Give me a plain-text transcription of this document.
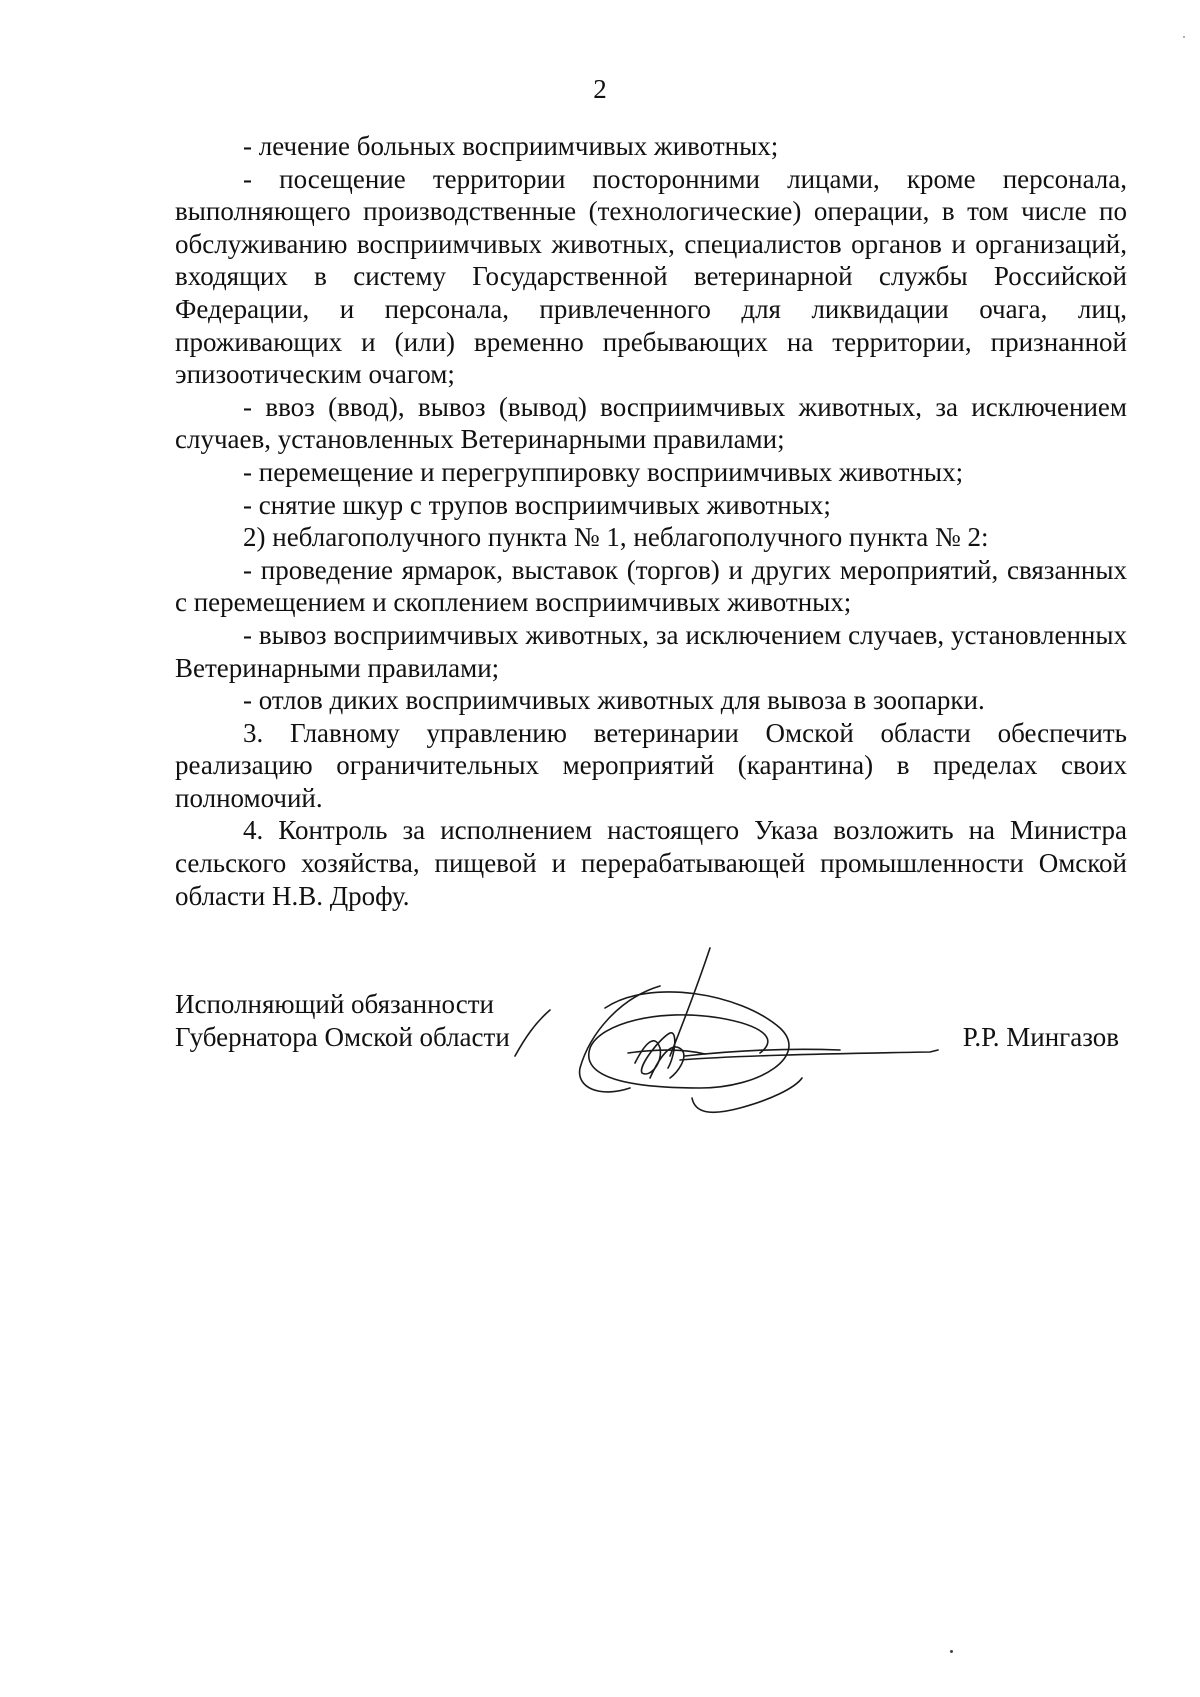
2

- лечение больных восприимчивых животных;

- посещение территории посторонними лицами, кроме персонала, выполняющего производственные (технологические) операции, в том числе по обслуживанию восприимчивых животных, специалистов органов и организаций, входящих в систему Государственной ветеринарной службы Российской Федерации, и персонала, привлеченного для ликвидации очага, лиц, проживающих и (или) временно пребывающих на территории, признанной эпизоотическим очагом;

- ввоз (ввод), вывоз (вывод) восприимчивых животных, за исключением случаев, установленных Ветеринарными правилами;

- перемещение и перегруппировку восприимчивых животных;

- снятие шкур с трупов восприимчивых животных;

2) неблагополучного пункта № 1, неблагополучного пункта № 2:

- проведение ярмарок, выставок (торгов) и других мероприятий, связанных с перемещением и скоплением восприимчивых животных;

- вывоз восприимчивых животных, за исключением случаев, установленных Ветеринарными правилами;

- отлов диких восприимчивых животных для вывоза в зоопарки.

3. Главному управлению ветеринарии Омской области обеспечить реализацию ограничительных мероприятий (карантина) в пределах своих полномочий.

4. Контроль за исполнением настоящего Указа возложить на Министра сельского хозяйства, пищевой и перерабатывающей промышленности Омской области Н.В. Дрофу.

Исполняющий обязанности
Губернатора Омской области	Р.Р. Мингазов
